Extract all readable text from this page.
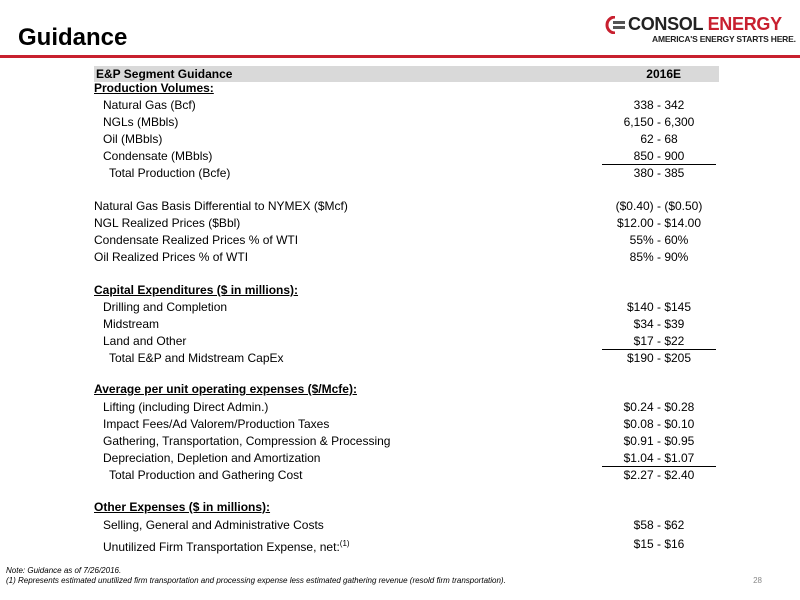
Guidance	CONSOL ENERGY
AMERICA'S ENERGY STARTS HERE.
E&P Segment Guidance	2016E
Production Volumes:
Natural Gas (Bcf)	338 - 342
NGLs (MBbls)	6,150 - 6,300
Oil (MBbls)	62 - 68
Condensate (MBbls)	850 - 900
Total Production (Bcfe)	380 - 385
Natural Gas Basis Differential to NYMEX ($Mcf)	($0.40) - ($0.50)
NGL Realized Prices ($Bbl)	$12.00 - $14.00
Condensate Realized Prices % of WTI	55% - 60%
Oil Realized Prices % of WTI	85% - 90%
Capital Expenditures ($ in millions):
Drilling and Completion	$140 - $145
Midstream	$34 - $39
Land and Other	$17 - $22
Total E&P and Midstream CapEx	$190 - $205
Average per unit operating expenses ($/Mcfe):
Lifting (including Direct Admin.)	$0.24 - $0.28
Impact Fees/Ad Valorem/Production Taxes	$0.08 - $0.10
Gathering, Transportation, Compression & Processing	$0.91 - $0.95
Depreciation, Depletion and Amortization	$1.04 - $1.07
Total Production and Gathering Cost	$2.27 - $2.40
Other Expenses ($ in millions):
Selling, General and Administrative Costs	$58 - $62
Unutilized Firm Transportation Expense, net:$^{(1)}$	$15 - $16
Note: Guidance as of 7/26/2016.
(1) Represents estimated unutilized firm transportation and processing expense less estimated gathering revenue (resold firm transportation).	28
